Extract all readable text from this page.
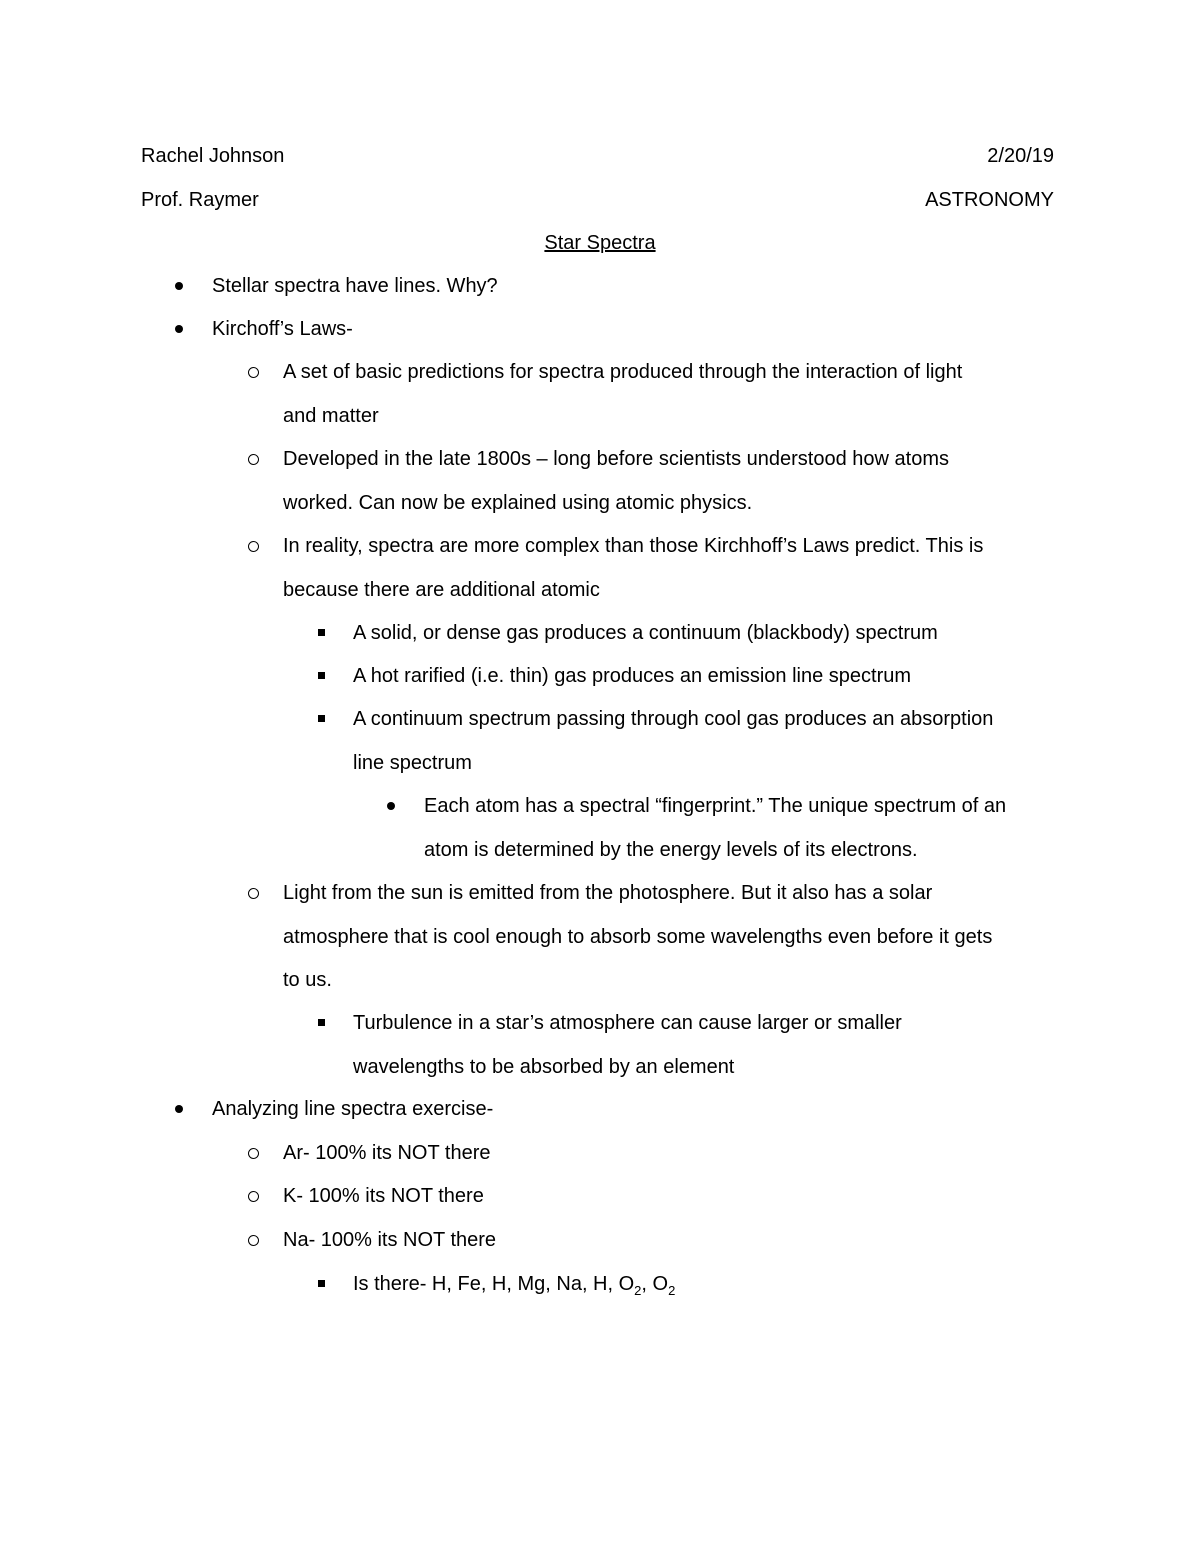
Rachel Johnson	2/20/19
Prof. Raymer	ASTRONOMY
Star Spectra
Stellar spectra have lines. Why?
Kirchoff’s Laws-
A set of basic predictions for spectra produced through the interaction of light
and matter
Developed in the late 1800s – long before scientists understood how atoms
worked. Can now be explained using atomic physics.
In reality, spectra are more complex than those Kirchhoff’s Laws predict. This is
because there are additional atomic
A solid, or dense gas produces a continuum (blackbody) spectrum
A hot rarified (i.e. thin) gas produces an emission line spectrum
A continuum spectrum passing through cool gas produces an absorption
line spectrum
Each atom has a spectral “fingerprint.” The unique spectrum of an
atom is determined by the energy levels of its electrons.
Light from the sun is emitted from the photosphere. But it also has a solar
atmosphere that is cool enough to absorb some wavelengths even before it gets
to us.
Turbulence in a star’s atmosphere can cause larger or smaller
wavelengths to be absorbed by an element
Analyzing line spectra exercise-
Ar- 100% its NOT there
K- 100% its NOT there
Na- 100% its NOT there
Is there- H, Fe, H, Mg, Na, H, $O_2$, $O_2$
